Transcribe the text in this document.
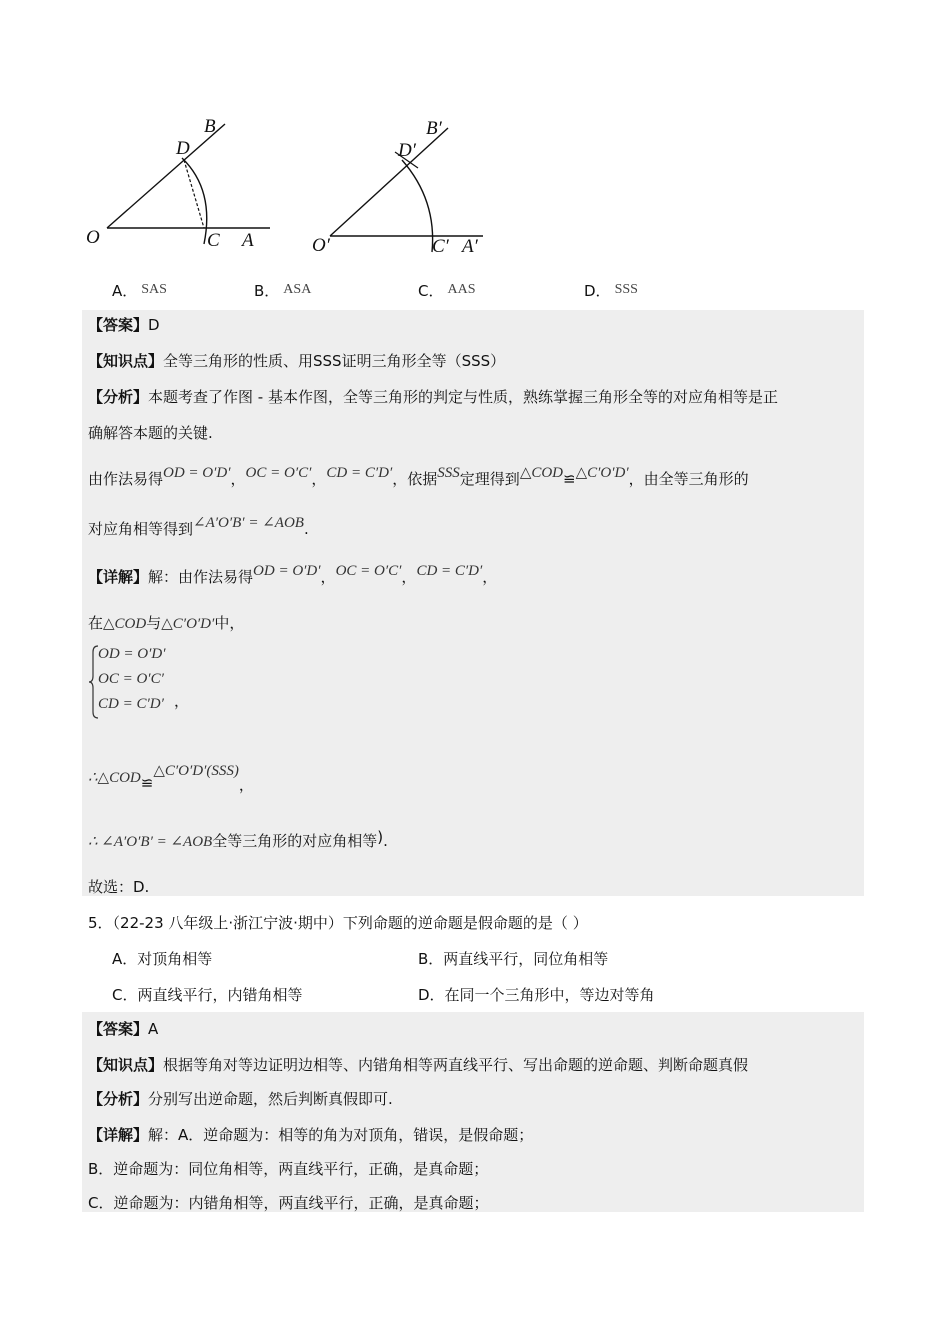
B
D
O	C A
B′
D′
O′	C′ A′
A． SAS	B． ASA	C． AAS	D． SSS
【答案】D
【知识点】全等三角形的性质、用SSS证明三角形全等（SSS）
【分析】本题考查了作图 - 基本作图，全等三角形的判定与性质，熟练掌握三角形全等的对应角相等是正
确解答本题的关键.
由作法易得OD = O′D′，OC = O′C′，CD = C′D′，依据SSS定理得到△COD≌△C′O′D′，由全等三角形的
对应角相等得到∠A′O′B′ = ∠AOB.
【详解】解：由作法易得OD = O′D′，OC = O′C′，CD = C′D′，
在△COD与△C′O′D′中，
OD = O′D′
OC = O′C′
CD = C′D′ ，
∴△COD≌△C′O′D′(SSS)，
∴ ∠A′O′B′ = ∠AOB全等三角形的对应角相等).
故选：D.
5．（22-23 八年级上·浙江宁波·期中）下列命题的逆命题是假命题的是（ ）
A．对顶角相等	B．两直线平行，同位角相等
C．两直线平行，内错角相等	D．在同一个三角形中，等边对等角
【答案】A
【知识点】根据等角对等边证明边相等、内错角相等两直线平行、写出命题的逆命题、判断命题真假
【分析】分别写出逆命题，然后判断真假即可.
【详解】解：A．逆命题为：相等的角为对顶角，错误，是假命题；
B．逆命题为：同位角相等，两直线平行，正确，是真命题；
C．逆命题为：内错角相等，两直线平行，正确，是真命题；
